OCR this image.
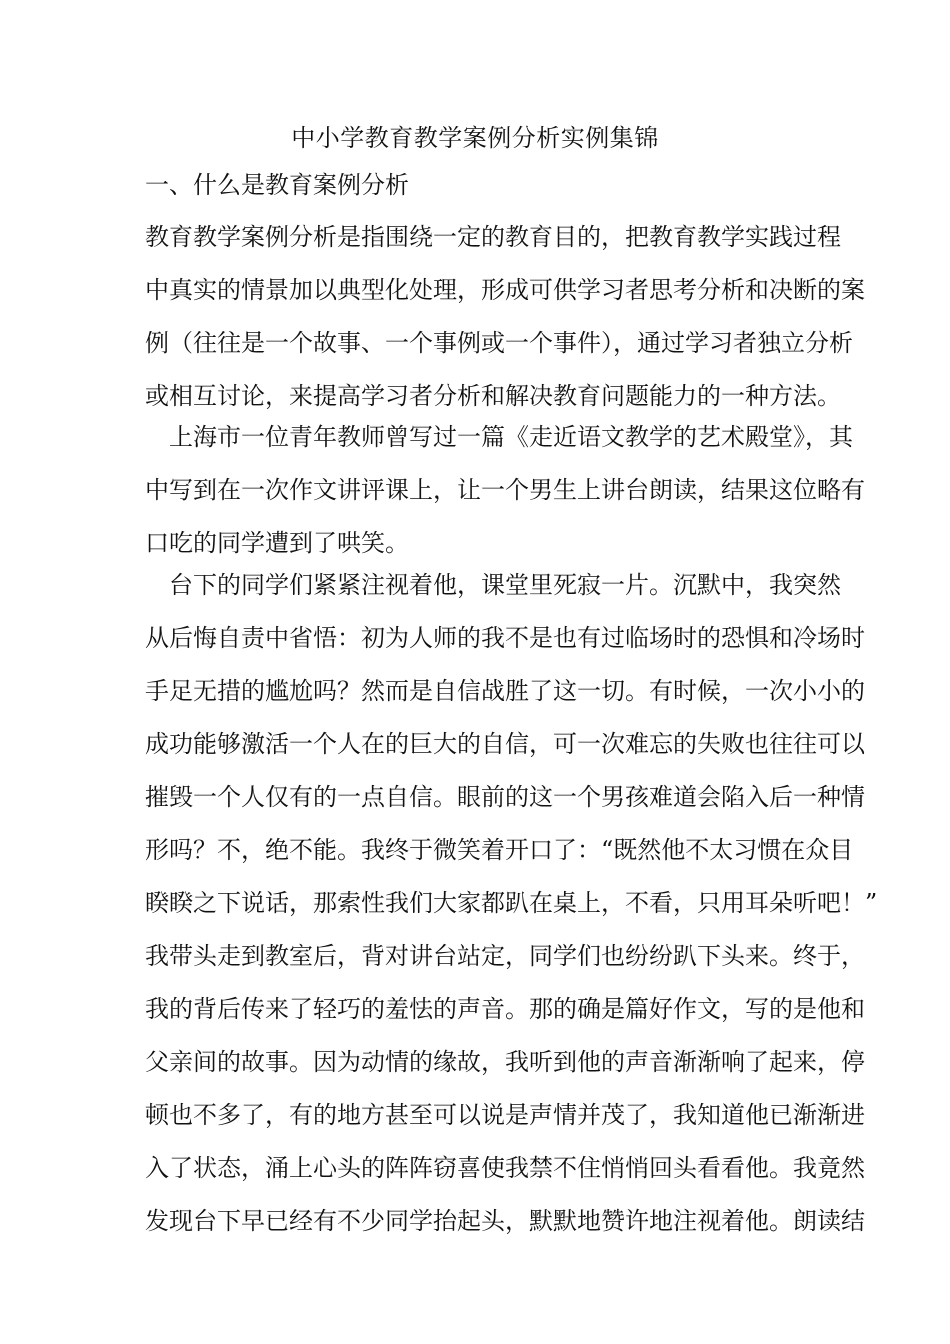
中小学教育教学案例分析实例集锦
一、什么是教育案例分析
教育教学案例分析是指围绕一定的教育目的，把教育教学实践过程
中真实的情景加以典型化处理，形成可供学习者思考分析和决断的案
例（往往是一个故事、一个事例或一个事件），通过学习者独立分析
或相互讨论，来提高学习者分析和解决教育问题能力的一种方法。
　上海市一位青年教师曾写过一篇《走近语文教学的艺术殿堂》，其
中写到在一次作文讲评课上，让一个男生上讲台朗读，结果这位略有
口吃的同学遭到了哄笑。
　台下的同学们紧紧注视着他，课堂里死寂一片。沉默中，我突然
从后悔自责中省悟：初为人师的我不是也有过临场时的恐惧和冷场时
手足无措的尴尬吗？然而是自信战胜了这一切。有时候，一次小小的
成功能够激活一个人在的巨大的自信，可一次难忘的失败也往往可以
摧毁一个人仅有的一点自信。眼前的这一个男孩难道会陷入后一种情
形吗？不，绝不能。我终于微笑着开口了：“既然他不太习惯在众目
睽睽之下说话，那索性我们大家都趴在桌上，不看，只用耳朵听吧！”
我带头走到教室后，背对讲台站定，同学们也纷纷趴下头来。终于，
我的背后传来了轻巧的羞怯的声音。那的确是篇好作文，写的是他和
父亲间的故事。因为动情的缘故，我听到他的声音渐渐响了起来，停
顿也不多了，有的地方甚至可以说是声情并茂了，我知道他已渐渐进
入了状态，涌上心头的阵阵窃喜使我禁不住悄悄回头看看他。我竟然
发现台下早已经有不少同学抬起头，默默地赞许地注视着他。朗读结
